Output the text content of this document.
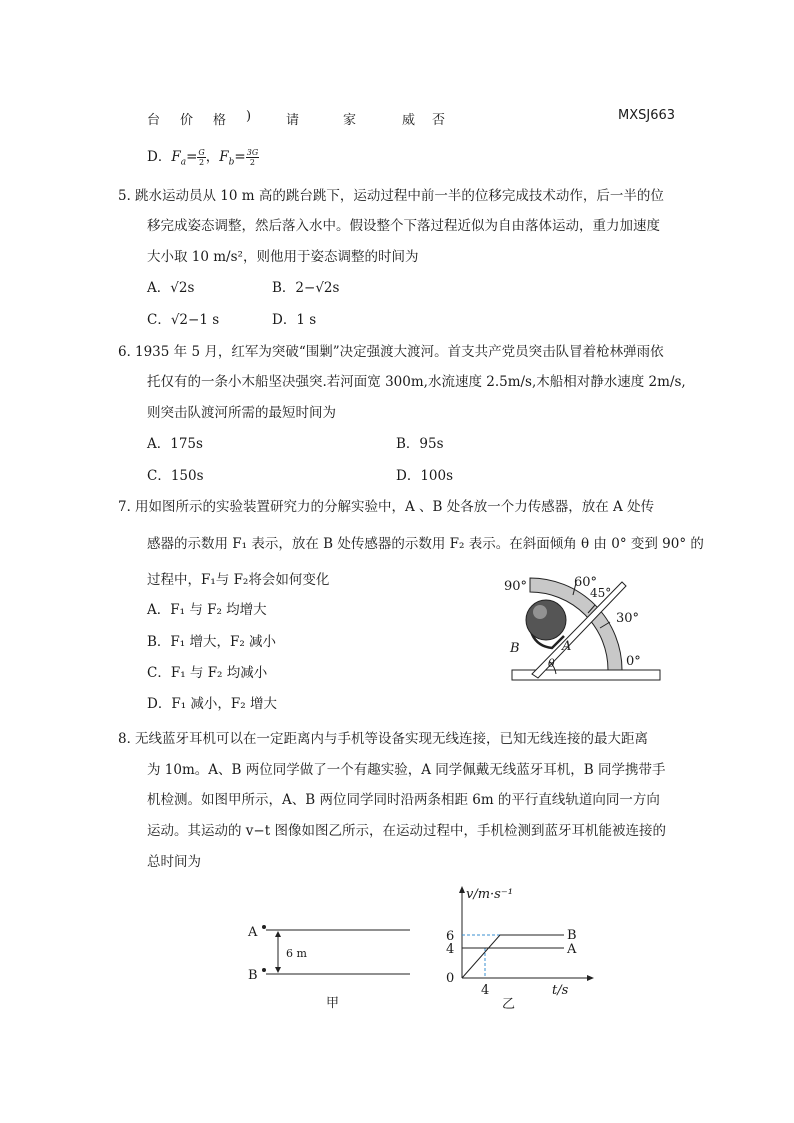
台 价 格 )	请	家	威 否	MXSJ663
D．$F_a= \frac{G}{2}$ ，$F_b= \frac{3G}{2}$
5．
跳水运动员从 10 m 高的跳台跳下，运动过程中前一半的位移完成技术动作，后一半的位
移完成姿态调整，然后落入水中。假设整个下落过程近似为自由落体运动，重力加速度
大小取 10 m/s²，则他用于姿态调整的时间为
A．√2s	B．2−√2s
C．√2−1 s	D．1 s
6．
1935 年 5 月，红军为突破“围剿”决定强渡大渡河。首支共产党员突击队冒着枪林弹雨依
托仅有的一条小木船坚决强突.若河面宽 300m,水流速度 2.5m/s,木船相对静水速度 2m/s,
则突击队渡河所需的最短时间为
A．175s	B．95s
C．150s	D．100s
7．
用如图所示的实验装置研究力的分解实验中，A 、B 处各放一个力传感器，放在 A 处传
感器的示数用 F₁ 表示，放在 B 处传感器的示数用 F₂ 表示。在斜面倾角 θ 由 0° 变到 90° 的
过程中，F₁与 F₂将会如何变化
A．F₁ 与 F₂ 均增大
B．F₁ 增大，F₂ 减小
C．F₁ 与 F₂ 均减小
D．F₁ 减小，F₂ 增大
90°	60°
45°
30°
0°
A
B
θ
8．
无线蓝牙耳机可以在一定距离内与手机等设备实现无线连接，已知无线连接的最大距离
为 10m。A、B 两位同学做了一个有趣实验，A 同学佩戴无线蓝牙耳机，B 同学携带手
机检测。如图甲所示，A、B 两位同学同时沿两条相距 6m 的平行直线轨道向同一方向
运动。其运动的 v−t 图像如图乙所示，在运动过程中，手机检测到蓝牙耳机能被连接的
总时间为
A
B
6 m
甲
v/m·s⁻¹
6
4
0
4	t/s
B
A
乙
